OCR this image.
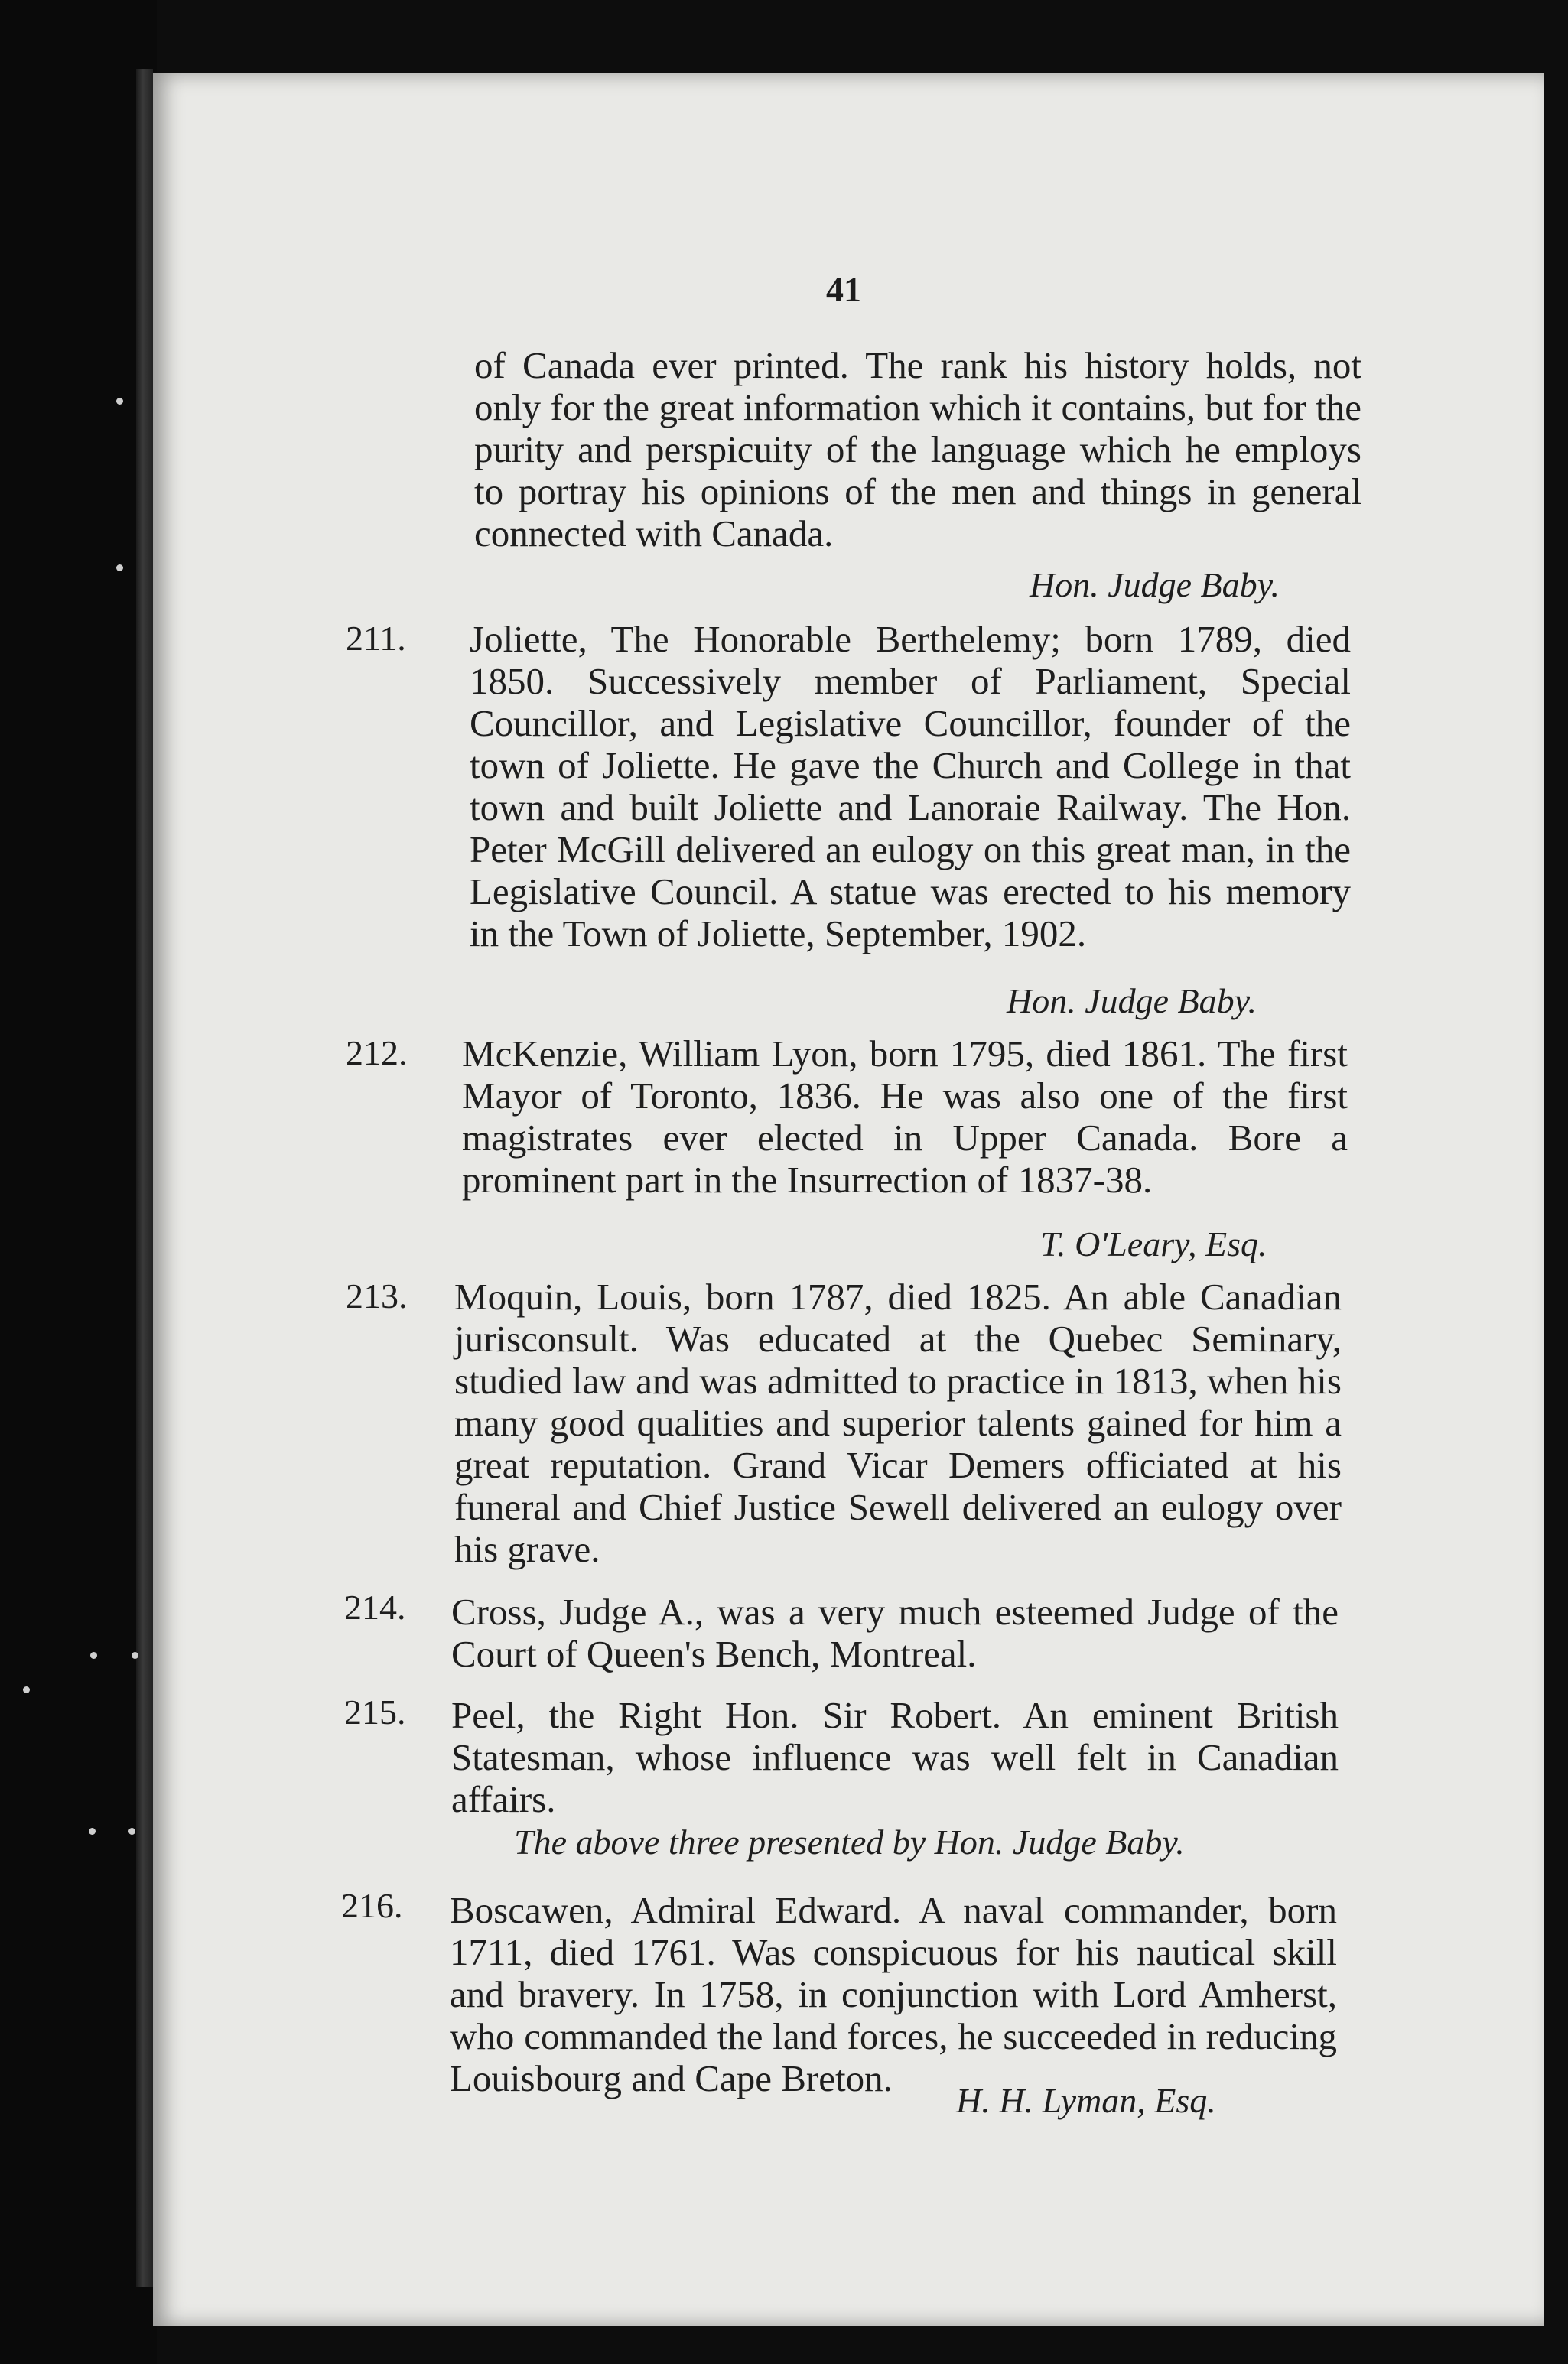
41
of Canada ever printed. The rank his history holds, not only for the great information which it contains, but for the purity and perspicuity of the language which he employs to portray his opinions of the men and things in general connected with Canada.
Hon. Judge Baby.
211. Joliette, The Honorable Berthelemy; born 1789, died 1850. Successively member of Parliament, Special Councillor, and Legislative Councillor, founder of the town of Joliette. He gave the Church and College in that town and built Joliette and Lanoraie Railway. The Hon. Peter McGill delivered an eulogy on this great man, in the Legislative Council. A statue was erected to his memory in the Town of Joliette, September, 1902.
Hon. Judge Baby.
212. McKenzie, William Lyon, born 1795, died 1861. The first Mayor of Toronto, 1836. He was also one of the first magistrates ever elected in Upper Canada. Bore a prominent part in the Insurrection of 1837-38.
T. O'Leary, Esq.
213. Moquin, Louis, born 1787, died 1825. An able Canadian jurisconsult. Was educated at the Quebec Seminary, studied law and was admitted to practice in 1813, when his many good qualities and superior talents gained for him a great reputation. Grand Vicar Demers officiated at his funeral and Chief Justice Sewell delivered an eulogy over his grave.
214. Cross, Judge A., was a very much esteemed Judge of the Court of Queen's Bench, Montreal.
215. Peel, the Right Hon. Sir Robert. An eminent British Statesman, whose influence was well felt in Canadian affairs.
The above three presented by Hon. Judge Baby.
216. Boscawen, Admiral Edward. A naval commander, born 1711, died 1761. Was conspicuous for his nautical skill and bravery. In 1758, in conjunction with Lord Amherst, who commanded the land forces, he succeeded in reducing Louisbourg and Cape Breton.
H. H. Lyman, Esq.
